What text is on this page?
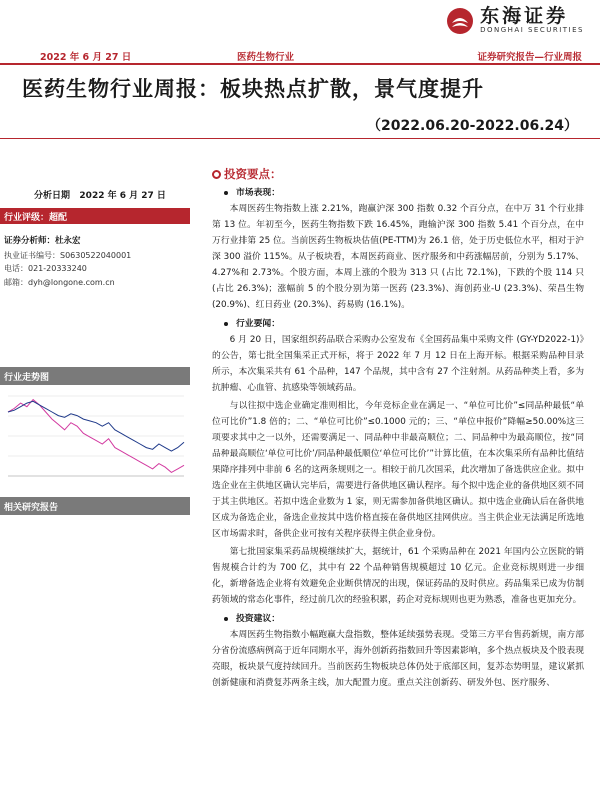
东海证券
DONGHAI SECURITIES
2022 年 6 月 27 日	医药生物行业	证券研究报告—行业周报
医药生物行业周报：板块热点扩散，景气度提升
（2022.06.20-2022.06.24）
分析日期 2022 年 6 月 27 日
行业评级：超配
证券分析师：杜永宏
执业证书编号：S0630522040001
电话：021-20333240
邮箱：dyh@longone.com.cn
行业走势图
相关研究报告
投资要点：
市场表现：

本周医药生物指数上涨 2.21%，跑赢沪深 300 指数 0.32 个百分点，在中万 31 个行业排第 13 位。年初至今，医药生物指数下跌 16.45%，跑输沪深 300 指数 5.41 个百分点，在中万行业排第 25 位。当前医药生物板块估值(PE-TTM)为 26.1 倍，处于历史低位水平，相对于沪深 300 溢价 115%。从子板块看，本周医药商业、医疗服务和中药涨幅居前，分别为 5.17%、4.27%和 2.73%。个股方面，本周上涨的个股为 313 只 (占比 72.1%)，下跌的个股 114 只 (占比 26.3%)；涨幅前 5 的个股分别为第一医药 (23.3%)、海创药业-U (23.3%)、荣昌生物 (20.9%)、红日药业 (20.3%)、药易购 (16.1%)。

行业要闻：

6 月 20 日，国家组织药品联合采购办公室发布《全国药品集中采购文件 (GY-YD2022-1)》的公告，第七批全国集采正式开标，将于 2022 年 7 月 12 日在上海开标。根据采购品种目录所示，本次集采共有 61 个品种，147 个品规，其中含有 27 个注射剂。从药品种类上看，多为抗肿瘤、心血管、抗感染等领域药品。

与以往拟中选企业确定准则相比，今年竞标企业在满足一、“单位可比价”≤同品种最低“单位可比价”1.8 倍的；二、“单位可比价”≤0.1000 元的；三、“单位申报价”降幅≥50.00%这三项要求其中之一以外，还需要满足一、同品种中非最高顺位；二、同品种中为最高顺位，按“同品种最高顺位‘单位可比价’/同品种最低顺位‘单位可比价’”计算比值，在本次集采所有品种比值结果降序排列中非前 6 名的这两条规则之一。相较于前几次国采，此次增加了备选供应企业。拟中选企业在主供地区确认完毕后，需要进行备供地区确认程序。每个拟中选企业的备供地区须不同于其主供地区。若拟中选企业数为 1 家，则无需参加备供地区确认。拟中选企业确认后在备供地区成为备选企业，备选企业按其中选价格直接在备供地区挂网供应。当主供企业无法满足所选地区市场需求时，备供企业可按有关程序获得主供企业身份。

第七批国家集采药品规模继续扩大，据统计，61 个采购品种在 2021 年国内公立医院的销售规模合计约为 700 亿，其中有 22 个品种销售规模超过 10 亿元。企业竞标规则进一步细化，新增备选企业将有效避免企业断供情况的出现，保证药品的及时供应。药品集采已成为仿制药领域的常态化事件，经过前几次的经验积累，药企对竞标规则也更为熟悉，准备也更加充分。

投资建议：

本周医药生物指数小幅跑赢大盘指数，整体延续强势表现。受第三方平台售药新规，南方部分省份流感病例高于近年同期水平，海外创新药指数回升等因素影响，多个热点板块及个股表现亮眼，板块景气度持续回升。当前医药生物板块总体仍处于底部区间，复苏态势明显，建议紧抓创新健康和消费复苏两条主线，加大配置力度。重点关注创新药、研发外包、医疗服务、
